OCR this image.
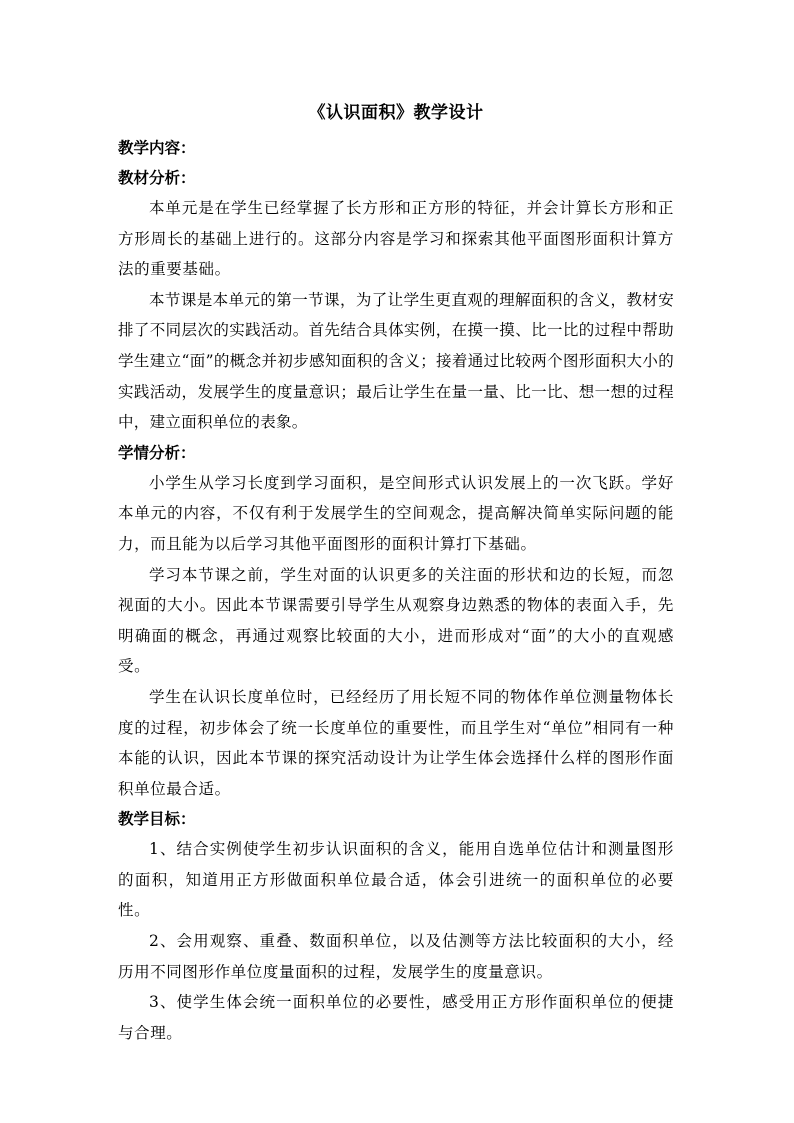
《认识面积》教学设计

教学内容：

教材分析：

本单元是在学生已经掌握了长方形和正方形的特征，并会计算长方形和正方形周长的基础上进行的。这部分内容是学习和探索其他平面图形面积计算方法的重要基础。

本节课是本单元的第一节课，为了让学生更直观的理解面积的含义，教材安排了不同层次的实践活动。首先结合具体实例，在摸一摸、比一比的过程中帮助学生建立“面”的概念并初步感知面积的含义；接着通过比较两个图形面积大小的实践活动，发展学生的度量意识；最后让学生在量一量、比一比、想一想的过程中，建立面积单位的表象。

学情分析：

小学生从学习长度到学习面积，是空间形式认识发展上的一次飞跃。学好本单元的内容，不仅有利于发展学生的空间观念，提高解决简单实际问题的能力，而且能为以后学习其他平面图形的面积计算打下基础。

学习本节课之前，学生对面的认识更多的关注面的形状和边的长短，而忽视面的大小。因此本节课需要引导学生从观察身边熟悉的物体的表面入手，先明确面的概念，再通过观察比较面的大小，进而形成对“面”的大小的直观感受。

学生在认识长度单位时，已经经历了用长短不同的物体作单位测量物体长度的过程，初步体会了统一长度单位的重要性，而且学生对“单位”相同有一种本能的认识，因此本节课的探究活动设计为让学生体会选择什么样的图形作面积单位最合适。

教学目标：

1、结合实例使学生初步认识面积的含义，能用自选单位估计和测量图形的面积，知道用正方形做面积单位最合适，体会引进统一的面积单位的必要性。

2、会用观察、重叠、数面积单位，以及估测等方法比较面积的大小，经历用不同图形作单位度量面积的过程，发展学生的度量意识。

3、使学生体会统一面积单位的必要性，感受用正方形作面积单位的便捷与合理。
